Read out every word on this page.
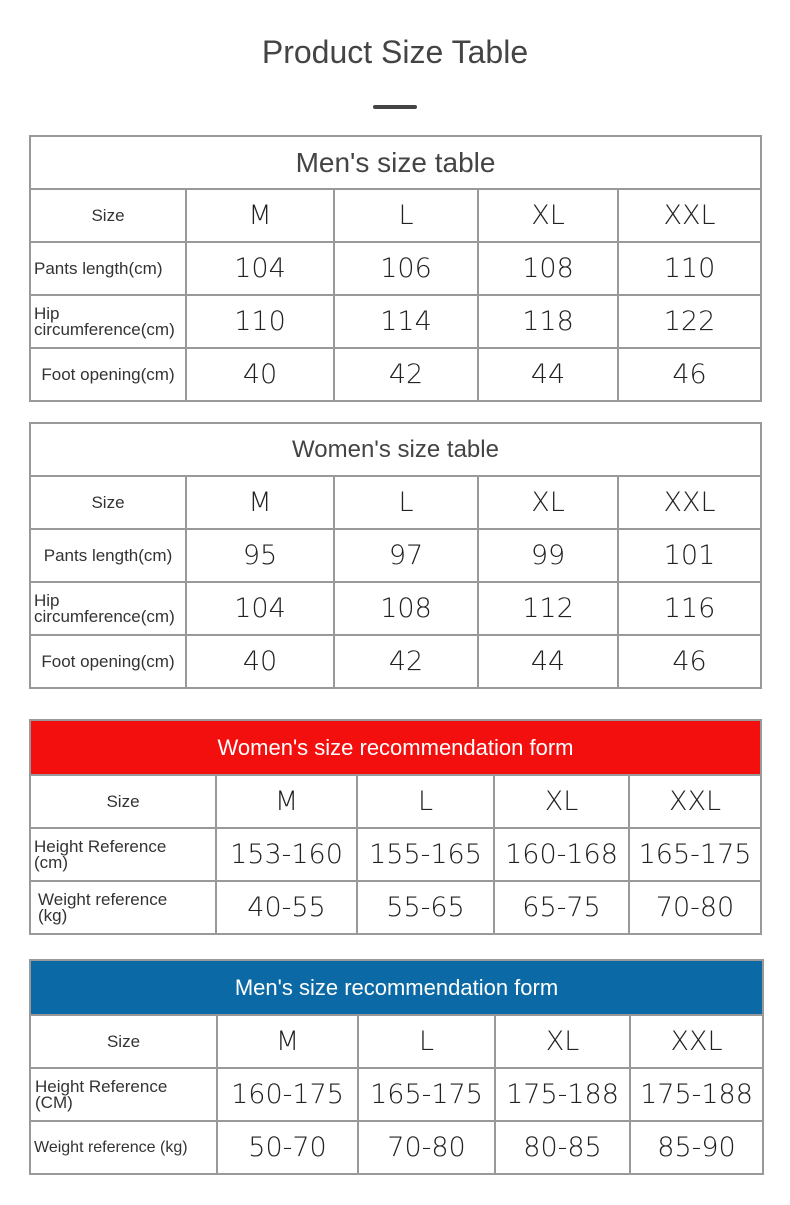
Product Size Table
Men's size table				
Size	M	L	XL	XXL
Pants length(cm)	104	106	108	110

Hip
circumference(cm)	110	114	118	122
Foot opening(cm)	40	42	44	46
Women's size table				
Size	M	L	XL	XXL
Pants length(cm)	95	97	99	101

Hip
circumference(cm)	104	108	112	116
Foot opening(cm)	40	42	44	46
Women's size recommendation form				
Size	M	L	XL	XXL

Height Reference
(cm)	153-160	155-165	160-168	165-175

Weight reference
(kg)	40-55	55-65	65-75	70-80
Men's size recommendation form				
Size	M	L	XL	XXL

Height Reference
(CM)	160-175	165-175	175-188	175-188
Weight reference (kg)	50-70	70-80	80-85	85-90
